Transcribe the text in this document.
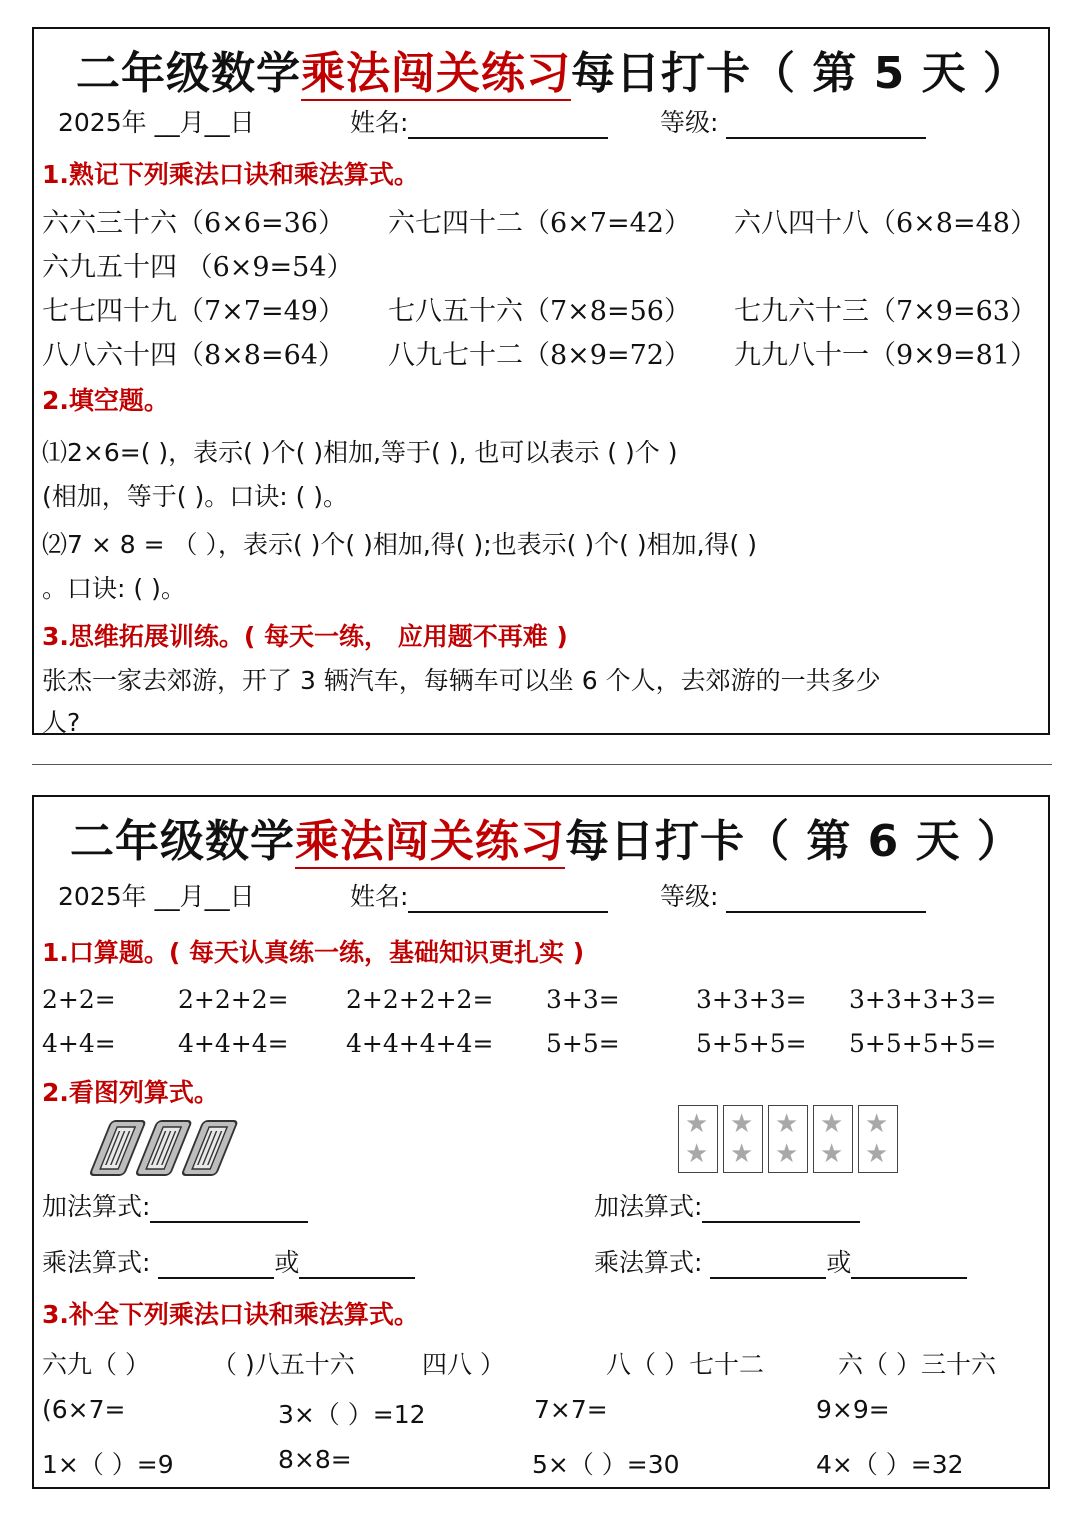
二年级数学乘法闯关练习每日打卡（ 第 5 天 ）
2025年 __月__日	姓名:	等级:
1.熟记下列乘法口诀和乘法算式。
六六三十六（6×6=36） 六七四十二（6×7=42） 六八四十八（6×8=48）
六九五十四 （6×9=54）
七七四十九（7×7=49） 七八五十六（7×8=56） 七九六十三（7×9=63）
八八六十四（8×8=64） 八九七十二（8×9=72） 九九八十一（9×9=81）
2.填空题。
⑴2×6=( )，表示( )个( )相加,等于( ), 也可以表示 ( )个 )
(相加，等于( )。口诀: ( )。
⑵7 × 8 = （ ），表示( )个( )相加,得( );也表示( )个( )相加,得( )
。口诀: ( )。
3.思维拓展训练。( 每天一练， 应用题不再难 )
张杰一家去郊游，开了 3 辆汽车，每辆车可以坐 6 个人，去郊游的一共多少
人?
二年级数学乘法闯关练习每日打卡（ 第 6 天 ）
2025年 __月__日	姓名:	等级:
1.口算题。( 每天认真练一练，基础知识更扎实 )
2+2= 2+2+2= 2+2+2+2= 3+3=	3+3+3= 3+3+3+3=
4+4= 4+4+4= 4+4+4+4= 5+5=	5+5+5= 5+5+5+5=
2.看图列算式。
★
★
★
★
★
★
★
★
★
★
加法算式:	加法算式:
乘法算式:	或	乘法算式:	或
3.补全下列乘法口诀和乘法算式。
六九（ ） （ )八五十六	四八 ）	八（ ）七十二	六（ ）三十六
(6×7=	3×（ ）=12	7×7=	9×9=
1×（ ）=9	8×8=	5×（ ）=30	4×（ ）=32
